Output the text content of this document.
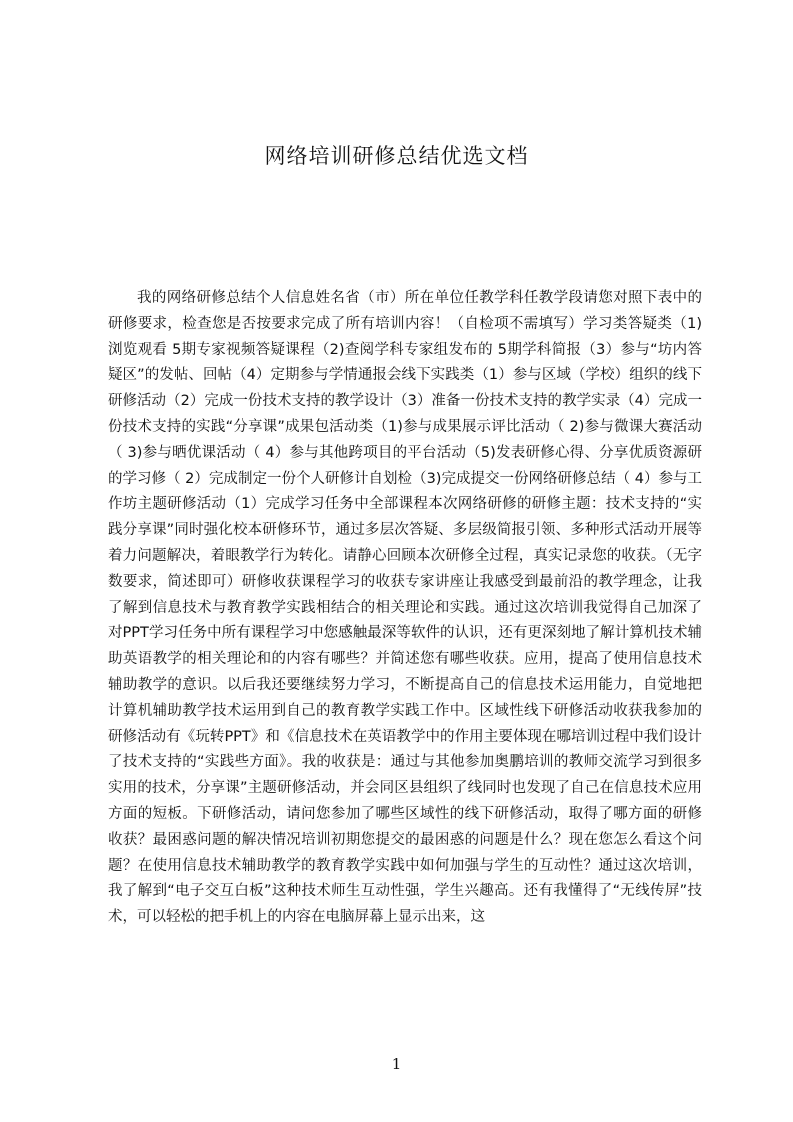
网络培训研修总结优选文档

我的网络研修总结个人信息姓名省（市）所在单位任教学科任教学段请您对照下表中的研修要求，检查您是否按要求完成了所有培训内容！（自检项不需填写）学习类答疑类（1)浏览观看 5期专家视频答疑课程（2)查阅学科专家组发布的 5期学科简报（3）参与“坊内答疑区”的发帖、回帖（4）定期参与学情通报会线下实践类（1）参与区域（学校）组织的线下研修活动（2）完成一份技术支持的教学设计（3）准备一份技术支持的教学实录（4）完成一份技术支持的实践“分享课”成果包活动类（1)参与成果展示评比活动（ 2)参与微课大赛活动（ 3)参与晒优课活动（ 4）参与其他跨项目的平台活动（5)发表研修心得、分享优质资源研的学习修（ 2）完成制定一份个人研修计自划检（3)完成提交一份网络研修总结（ 4）参与工作坊主题研修活动（1）完成学习任务中全部课程本次网络研修的研修主题：技术支持的“实践分享课”同时强化校本研修环节，通过多层次答疑、多层级简报引领、多种形式活动开展等着力问题解决，着眼教学行为转化。请静心回顾本次研修全过程，真实记录您的收获。（无字数要求，简述即可）研修收获课程学习的收获专家讲座让我感受到最前沿的教学理念，让我了解到信息技术与教育教学实践相结合的相关理论和实践。通过这次培训我觉得自己加深了对PPT学习任务中所有课程学习中您感触最深等软件的认识，还有更深刻地了解计算机技术辅助英语教学的相关理论和的内容有哪些？并简述您有哪些收获。应用，提高了使用信息技术辅助教学的意识。以后我还要继续努力学习，不断提高自己的信息技术运用能力，自觉地把计算机辅助教学技术运用到自己的教育教学实践工作中。区域性线下研修活动收获我参加的研修活动有《玩转PPT》和《信息技术在英语教学中的作用主要体现在哪培训过程中我们设计了技术支持的“实践些方面》。我的收获是：通过与其他参加奥鹏培训的教师交流学习到很多实用的技术，分享课”主题研修活动，并会同区县组织了线同时也发现了自己在信息技术应用方面的短板。下研修活动，请问您参加了哪些区域性的线下研修活动，取得了哪方面的研修收获？最困惑问题的解决情况培训初期您提交的最困惑的问题是什么？现在您怎么看这个问题？在使用信息技术辅助教学的教育教学实践中如何加强与学生的互动性？通过这次培训，我了解到“电子交互白板”这种技术师生互动性强，学生兴趣高。还有我懂得了“无线传屏”技术，可以轻松的把手机上的内容在电脑屏幕上显示出来，这

1
